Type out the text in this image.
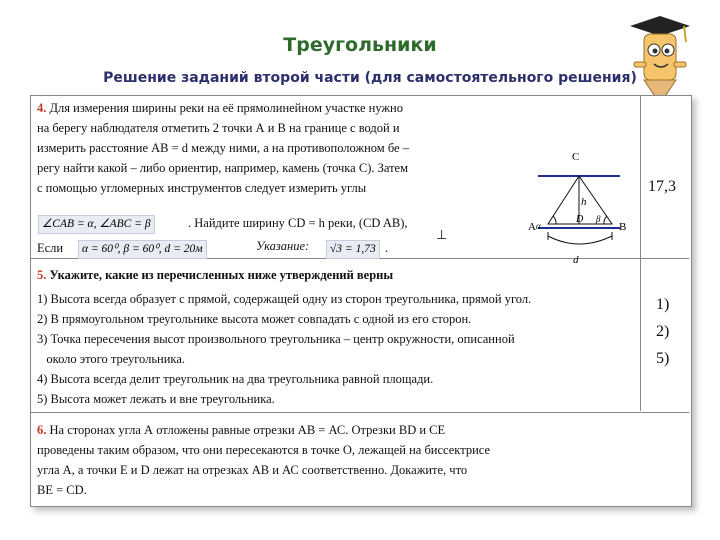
Треугольники
Решение заданий второй части (для самостоятельного решения)
4. Для измерения ширины реки на её прямолинейном участке нужно
на берегу наблюдателя отметить 2 точки А и В на границе с водой и
измерить расстояние АВ = d между ними, а на противоположном бе –
регу найти какой – либо ориентир, например, камень (точка С). Затем
с помощью угломерных инструментов следует измерить углы
∠CAB = α, ∠ABC = β	. Найдите ширину CD = h реки, (CD AB),
⊥
Если	α = 60⁰, β = 60⁰, d = 20м	Указание:	√3 = 1,73 .
C
A	B
D
h
d
α
β
17,3
5. Укажите, какие из перечисленных ниже утверждений верны
1) Высота всегда образует с прямой, содержащей одну из сторон треугольника, прямой угол.
2) В прямоугольном треугольнике высота может совпадать с одной из его сторон.
3) Точка пересечения высот произвольного треугольника – центр окружности, описанной
около этого треугольника.
4) Высота всегда делит треугольник на два треугольника равной площади.
5) Высота может лежать и вне треугольника.
1)
2)
5)
6. На сторонах угла А отложены равные отрезки АВ = АС. Отрезки BD и СЕ
проведены таким образом, что они пересекаются в точке О, лежащей на биссектрисе
угла А, а точки Е и D лежат на отрезках АВ и АС соответственно. Докажите, что
BE = CD.
